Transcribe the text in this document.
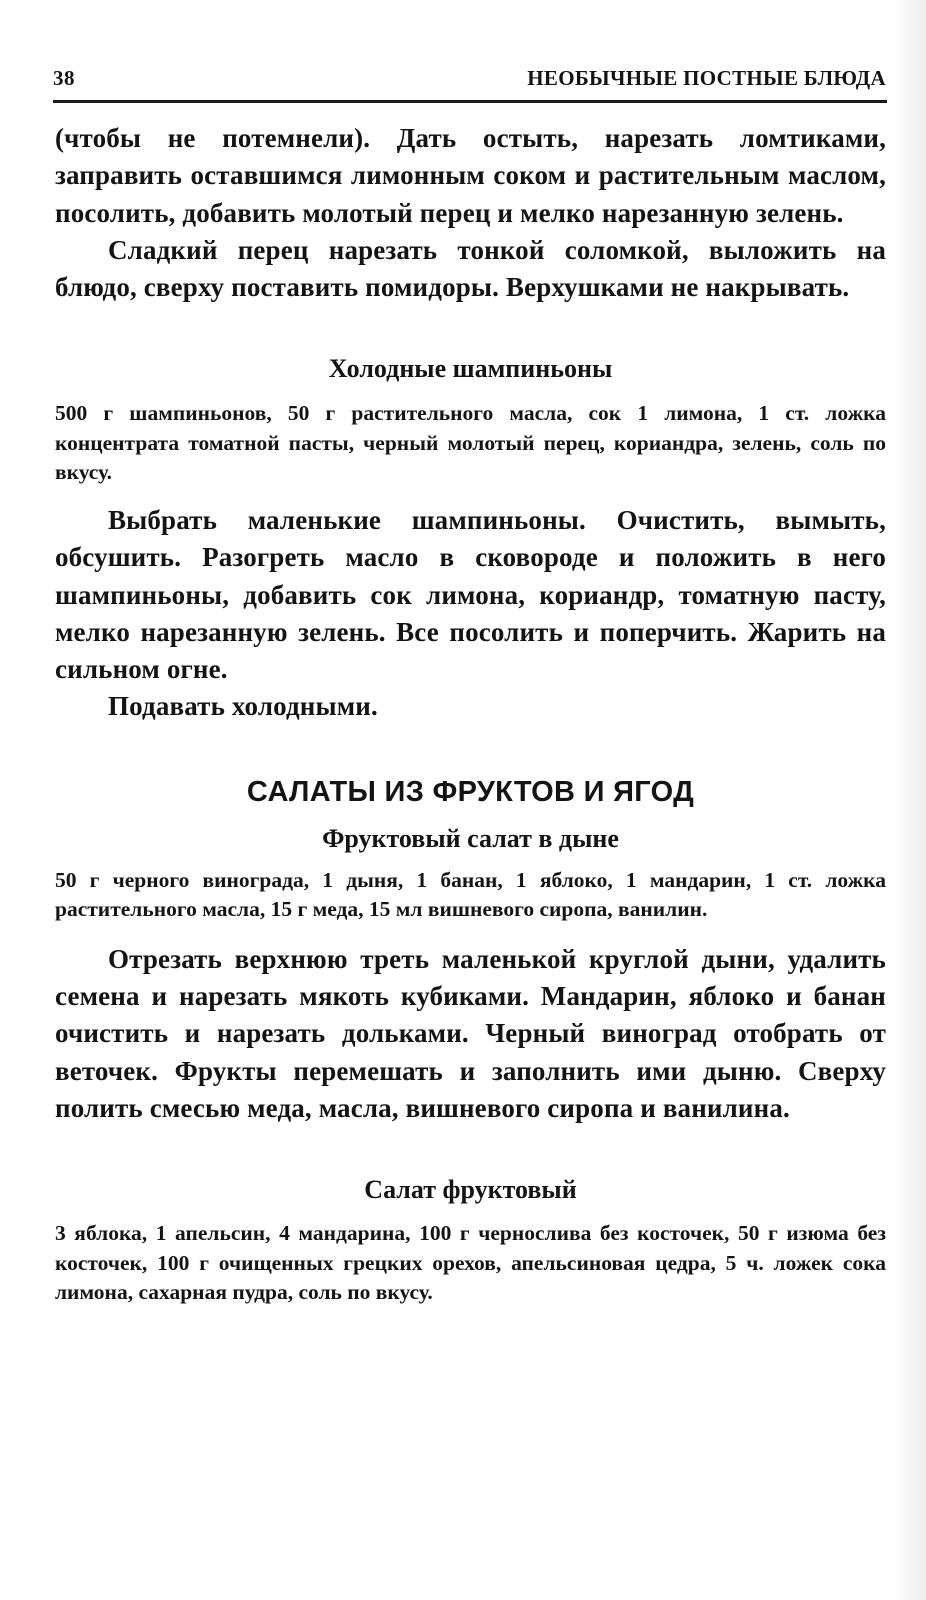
38	НЕОБЫЧНЫЕ ПОСТНЫЕ БЛЮДА

(чтобы не потемнели). Дать остыть, нарезать ломтиками, заправить оставшимся лимонным соком и растительным маслом, посолить, добавить молотый перец и мелко нарезанную зелень.

Сладкий перец нарезать тонкой соломкой, выложить на блюдо, сверху поставить помидоры. Верхушками не накрывать.

Холодные шампиньоны

500 г шампиньонов, 50 г растительного масла, сок 1 лимона, 1 ст. ложка концентрата томатной пасты, черный молотый перец, кориандра, зелень, соль по вкусу.

Выбрать маленькие шампиньоны. Очистить, вымыть, обсушить. Разогреть масло в сковороде и положить в него шампиньоны, добавить сок лимона, кориандр, томатную пасту, мелко нарезанную зелень. Все посолить и поперчить. Жарить на сильном огне.

Подавать холодными.

САЛАТЫ ИЗ ФРУКТОВ И ЯГОД
Фруктовый салат в дыне

50 г черного винограда, 1 дыня, 1 банан, 1 яблоко, 1 мандарин, 1 ст. ложка растительного масла, 15 г меда, 15 мл вишневого сиропа, ванилин.

Отрезать верхнюю треть маленькой круглой дыни, удалить семена и нарезать мякоть кубиками. Мандарин, яблоко и банан очистить и нарезать дольками. Черный виноград отобрать от веточек. Фрукты перемешать и заполнить ими дыню. Сверху полить смесью меда, масла, вишневого сиропа и ванилина.

Салат фруктовый

3 яблока, 1 апельсин, 4 мандарина, 100 г чернослива без косточек, 50 г изюма без косточек, 100 г очищенных грецких орехов, апельсиновая цедра, 5 ч. ложек сока лимона, сахарная пудра, соль по вкусу.
